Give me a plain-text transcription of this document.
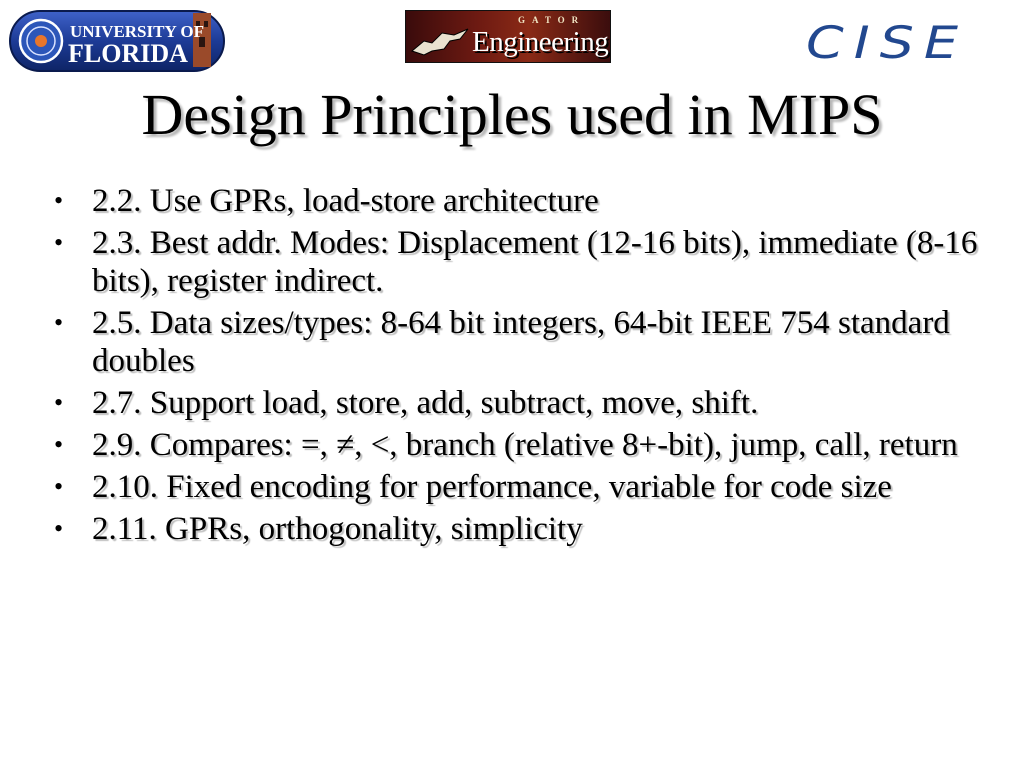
UNIVERSITY OF
FLORIDA
GATOR
Engineering	CISE
Design Principles used in MIPS
• 2.2. Use GPRs, load-store architecture
• 2.3. Best addr. Modes: Displacement (12-16 bits), immediate (8-16 bits), register indirect.
• 2.5. Data sizes/types: 8-64 bit integers, 64-bit IEEE 754 standard doubles
• 2.7. Support load, store, add, subtract, move, shift.
• 2.9. Compares: =, ≠, <, branch (relative 8+-bit), jump, call, return
• 2.10. Fixed encoding for performance, variable for code size
• 2.11. GPRs, orthogonality, simplicity
